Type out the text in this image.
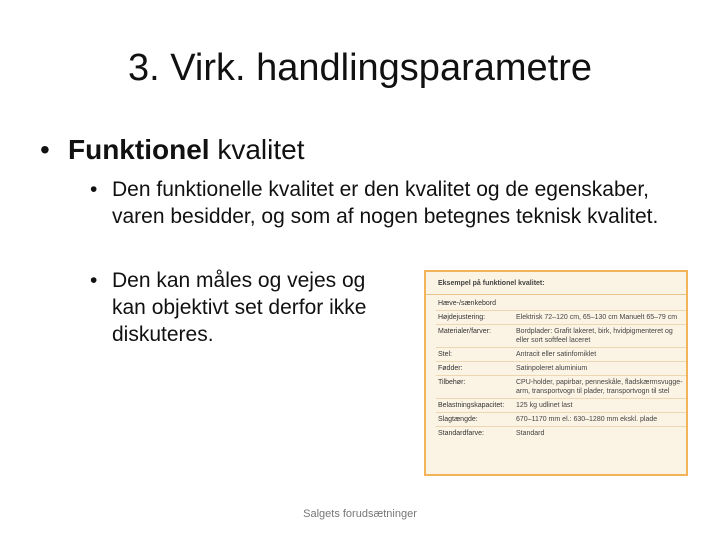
3. Virk. handlingsparametre
• Funktionel kvalitet
• Den funktionelle kvalitet er den kvalitet og de egenskaber, varen besidder, og som af nogen betegnes teknisk kvalitet.
• Den kan måles og vejes og kan objektivt set derfor ikke diskuteres.
Eksempel på funktionel kvalitet:
Hæve-/sænkebord	
Højdejustering:	Elektrisk 72–120 cm, 65–130 cm Manuelt 65–79 cm
Materialer/farver:	Bordplader: Grafit lakeret, birk, hvidpigmenteret og eller sort softfeel laceret
Stel:	Antracit eller satinforniklet
Fødder:	Satinpoleret aluminium
Tilbehør:	CPU-holder, papirbar, penneskåle, fladskærmsvugge-arm, transportvogn til plader, transportvogn til stel
Belastningskapacitet:	125 kg udlinet last
Slagtængde:	670–1170 mm el.: 630–1280 mm ekskl. plade
Standardfarve:	Standard
Salgets forudsætninger
